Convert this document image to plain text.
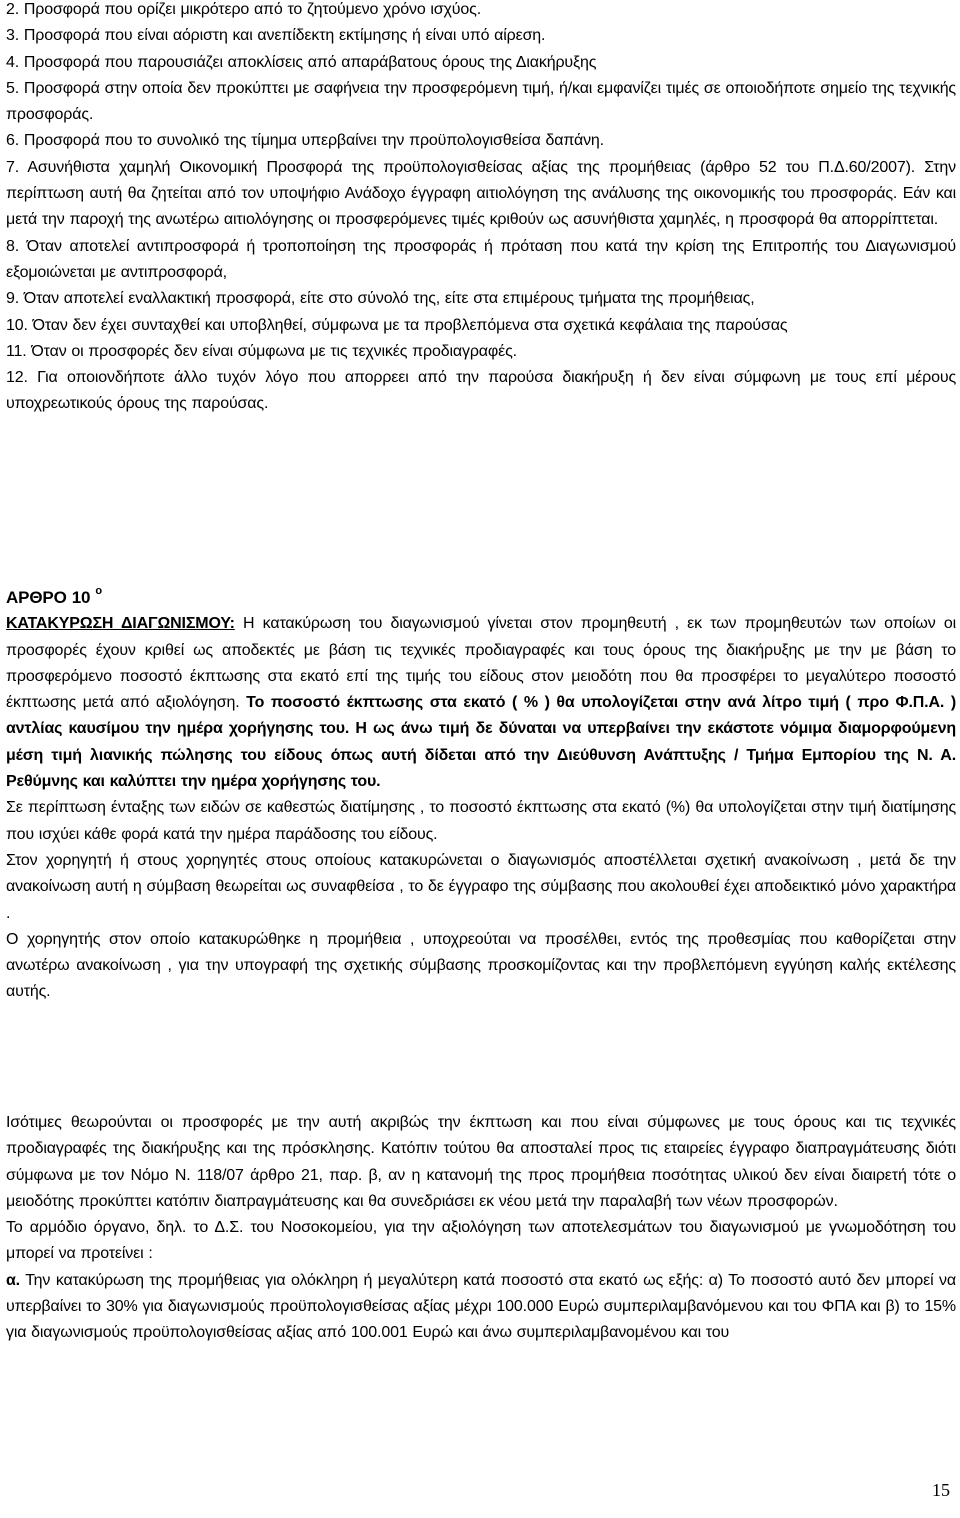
2. Προσφορά που ορίζει μικρότερο από το ζητούμενο χρόνο ισχύος.

3. Προσφορά που είναι αόριστη και ανεπίδεκτη εκτίμησης ή είναι υπό αίρεση.

4. Προσφορά που παρουσιάζει αποκλίσεις από απαράβατους όρους της Διακήρυξης

5. Προσφορά στην οποία δεν προκύπτει με σαφήνεια την προσφερόμενη τιμή, ή/και εμφανίζει τιμές σε οποιοδήποτε σημείο της τεχνικής προσφοράς.

6. Προσφορά που το συνολικό της τίμημα υπερβαίνει την προϋπολογισθείσα δαπάνη.

7. Ασυνήθιστα χαμηλή Οικονομική Προσφορά της προϋπολογισθείσας αξίας της προμήθειας (άρθρο 52 του Π.Δ.60/2007). Στην περίπτωση αυτή θα ζητείται από τον υποψήφιο Ανάδοχο έγγραφη αιτιολόγηση της ανάλυσης της οικονομικής του προσφοράς. Εάν και μετά την παροχή της ανωτέρω αιτιολόγησης οι προσφερόμενες τιμές κριθούν ως ασυνήθιστα χαμηλές, η προσφορά θα απορρίπτεται.

8. Όταν αποτελεί αντιπροσφορά ή τροποποίηση της προσφοράς ή πρόταση που κατά την κρίση της Επιτροπής του Διαγωνισμού εξομοιώνεται με αντιπροσφορά,

9. Όταν αποτελεί εναλλακτική προσφορά, είτε στο σύνολό της, είτε στα επιμέρους τμήματα της προμήθειας,

10. Όταν δεν έχει συνταχθεί και υποβληθεί, σύμφωνα με τα προβλεπόμενα στα σχετικά κεφάλαια της παρούσας

11. Όταν οι προσφορές δεν είναι σύμφωνα με τις τεχνικές προδιαγραφές.

12. Για οποιονδήποτε άλλο τυχόν λόγο που απορρεει από την παρούσα διακήρυξη ή δεν είναι σύμφωνη με τους επί μέρους υποχρεωτικούς όρους της παρούσας.

ΑΡΘΡΟ 10 $^o$

ΚΑΤΑΚΥΡΩΣΗ ΔΙΑΓΩΝΙΣΜΟΥ: Η κατακύρωση του διαγωνισμού γίνεται στον προμηθευτή , εκ των προμηθευτών των οποίων οι προσφορές έχουν κριθεί ως αποδεκτές με βάση τις τεχνικές προδιαγραφές και τους όρους της διακήρυξης με την με βάση το προσφερόμενο ποσοστό έκπτωσης στα εκατό επί της τιμής του είδους στον μειοδότη που θα προσφέρει το μεγαλύτερο ποσοστό έκπτωσης μετά από αξιολόγηση. Το ποσοστό έκπτωσης στα εκατό ( % ) θα υπολογίζεται στην ανά λίτρο τιμή ( προ Φ.Π.Α. ) αντλίας καυσίμου την ημέρα χορήγησης του. Η ως άνω τιμή δε δύναται να υπερβαίνει την εκάστοτε νόμιμα διαμορφούμενη μέση τιμή λιανικής πώλησης του είδους όπως αυτή δίδεται από την Διεύθυνση Ανάπτυξης / Τμήμα Εμπορίου της Ν. Α. Ρεθύμνης και καλύπτει την ημέρα χορήγησης του.

Σε περίπτωση ένταξης των ειδών σε καθεστώς διατίμησης , το ποσοστό έκπτωσης στα εκατό (%) θα υπολογίζεται στην τιμή διατίμησης που ισχύει κάθε φορά κατά την ημέρα παράδοσης του είδους.

Στον χορηγητή ή στους χορηγητές στους οποίους κατακυρώνεται ο διαγωνισμός αποστέλλεται σχετική ανακοίνωση , μετά δε την ανακοίνωση αυτή η σύμβαση θεωρείται ως συναφθείσα , το δε έγγραφο της σύμβασης που ακολουθεί έχει αποδεικτικό μόνο χαρακτήρα .

Ο χορηγητής στον οποίο κατακυρώθηκε η προμήθεια , υποχρεούται να προσέλθει, εντός της προθεσμίας που καθορίζεται στην ανωτέρω ανακοίνωση , για την υπογραφή της σχετικής σύμβασης προσκομίζοντας και την προβλεπόμενη εγγύηση καλής εκτέλεσης αυτής.

Ισότιμες θεωρούνται οι προσφορές με την αυτή ακριβώς την έκπτωση και που είναι σύμφωνες με τους όρους και τις τεχνικές προδιαγραφές της διακήρυξης και της πρόσκλησης. Κατόπιν τούτου θα αποσταλεί προς τις εταιρείες έγγραφο διαπραγμάτευσης διότι σύμφωνα με τον Νόμο Ν. 118/07 άρθρο 21, παρ. β, αν η κατανομή της προς προμήθεια ποσότητας υλικού δεν είναι διαιρετή τότε ο μειοδότης προκύπτει κατόπιν διαπραγμάτευσης και θα συνεδριάσει εκ νέου μετά την παραλαβή των νέων προσφορών.

Το αρμόδιο όργανο, δηλ. το Δ.Σ. του Νοσοκομείου, για την αξιολόγηση των αποτελεσμάτων του διαγωνισμού με γνωμοδότηση του μπορεί να προτείνει :

α. Την κατακύρωση της προμήθειας για ολόκληρη ή μεγαλύτερη κατά ποσοστό στα εκατό ως εξής: α) Το ποσοστό αυτό δεν μπορεί να υπερβαίνει το 30% για διαγωνισμούς προϋπολογισθείσας αξίας μέχρι 100.000 Ευρώ συμπεριλαμβανόμενου και του ΦΠΑ και β) το 15% για διαγωνισμούς προϋπολογισθείσας αξίας από 100.001 Ευρώ και άνω συμπεριλαμβανομένου και του

15
